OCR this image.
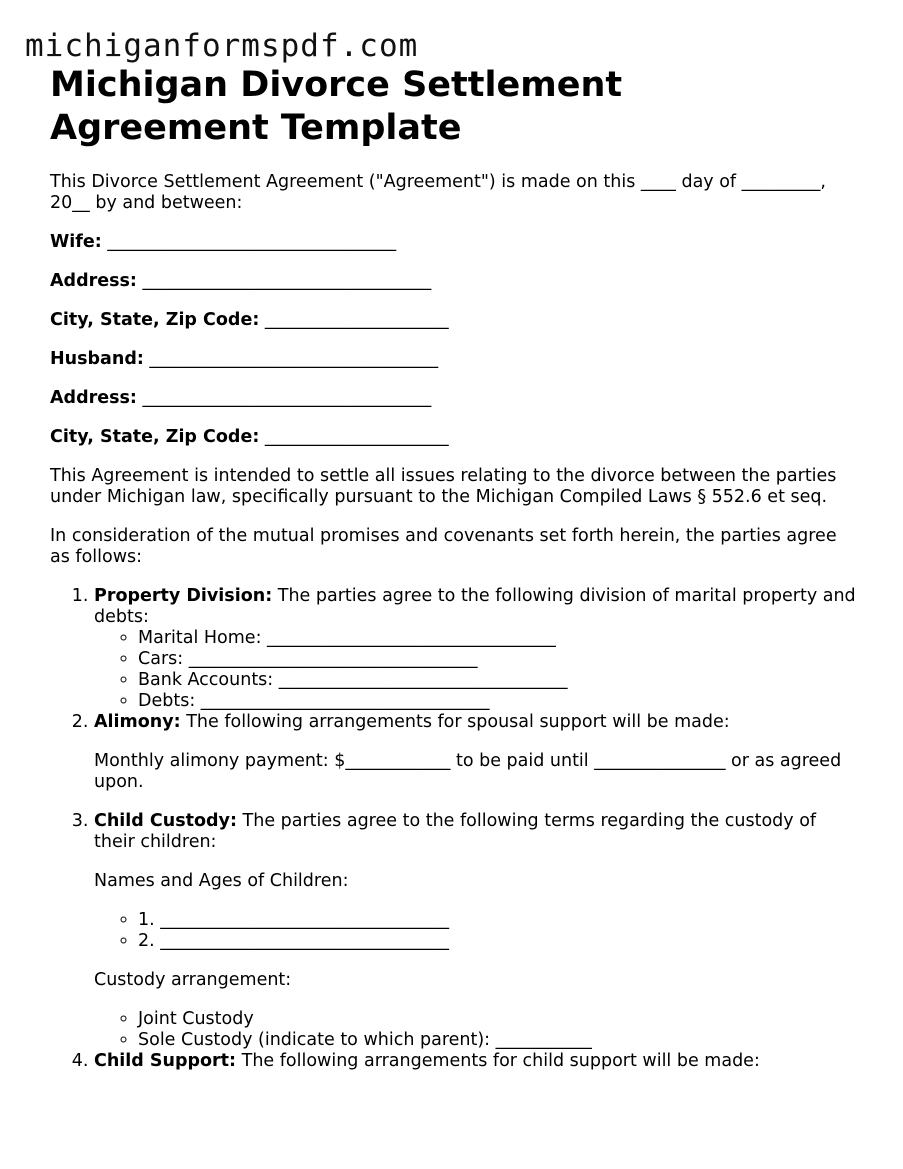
michiganformspdf.com
Michigan Divorce Settlement
Agreement Template

This Divorce Settlement Agreement ("Agreement") is made on this ____ day of _________, 20__ by and between:

Wife: _________________________________

Address: _________________________________

City, State, Zip Code: _____________________

Husband: _________________________________

Address: _________________________________

City, State, Zip Code: _____________________

This Agreement is intended to settle all issues relating to the divorce between the parties under Michigan law, specifically pursuant to the Michigan Compiled Laws § 552.6 et seq.

In consideration of the mutual promises and covenants set forth herein, the parties agree as follows:

1. Property Division: The parties agree to the following division of marital property and debts:
◦ Marital Home: _________________________________
◦ Cars: _________________________________
◦ Bank Accounts: _________________________________
◦ Debts: _________________________________
2. Alimony: The following arrangements for spousal support will be made:

Monthly alimony payment: $____________ to be paid until _______________ or as agreed upon.

3. Child Custody: The parties agree to the following terms regarding the custody of their children:

Names and Ages of Children:

◦ 1. _________________________________
◦ 2. _________________________________

Custody arrangement:

◦ Joint Custody
◦ Sole Custody (indicate to which parent): ___________
4. Child Support: The following arrangements for child support will be made:
